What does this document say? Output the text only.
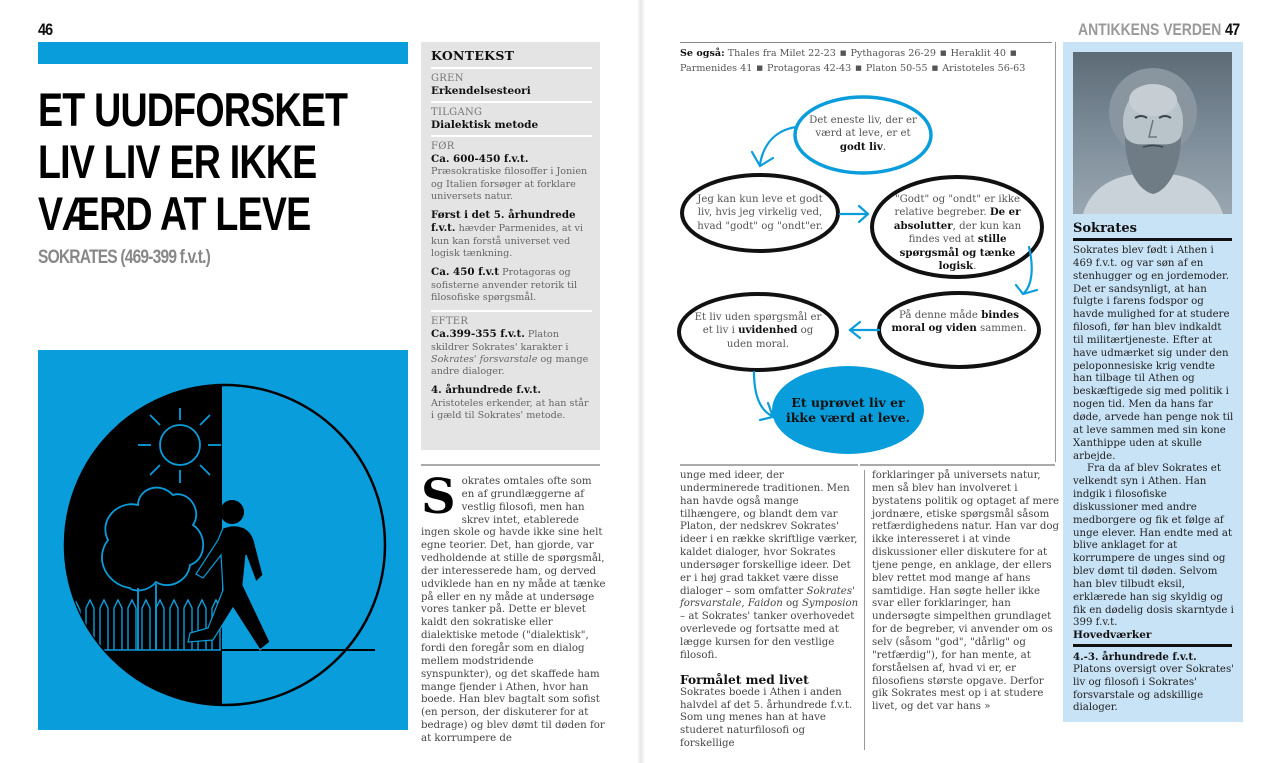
46
ET UUDFORSKET
LIV LIV ER IKKE
VÆRD AT LEVE
SOKRATES (469-399 f.v.t.)
KONTEKST
GREN
Erkendelsesteori
TILGANG
Dialektisk metode
FØR
Ca. 600-450 f.v.t.
Præsokratiske filosoffer i Jonien og Italien forsøger at forklare universets natur.
Først i det 5. århundrede f.v.t. hævder Parmenides, at vi kun kan forstå universet ved logisk tænkning.
Ca. 450 f.v.t Protagoras og sofisterne anvender retorik til filosofiske spørgsmål.
EFTER
Ca.399-355 f.v.t. Platon skildrer Sokrates' karakter i Sokrates' forsvarstale og mange andre dialoger.
4. århundrede f.v.t.
Aristoteles erkender, at han står i gæld til Sokrates' metode.
Sokrates omtales ofte som en af grundlæggerne af vestlig filosofi, men han skrev intet, etablerede ingen skole og havde ikke sine helt egne teorier. Det, han gjorde, var vedholdende at stille de spørgsmål, der interesserede ham, og derved udviklede han en ny måde at tænke på eller en ny måde at undersøge vores tanker på. Dette er blevet kaldt den sokratiske eller dialektiske metode ("dialektisk", fordi den foregår som en dialog mellem modstridende synspunkter), og det skaffede ham mange fjender i Athen, hvor han boede. Han blev bagtalt som sofist (en person, der diskuterer for at bedrage) og blev dømt til døden for at korrumpere de
ANTIKKENS VERDEN 47
Se også: Thales fra Milet 22-23 ■ Pythagoras 26-29 ■ Heraklit 40 ■
Parmenides 41 ■ Protagoras 42-43 ■ Platon 50-55 ■ Aristoteles 56-63
Det eneste liv, der er værd at leve, er et godt liv.
Jeg kan kun leve et godt liv, hvis jeg virkelig ved, hvad "godt" og "ondt"er.
"Godt" og "ondt" er ikke relative begreber. De er absolutter, der kun kan findes ved at stille spørgsmål og tænke logisk.
På denne måde bindes moral og viden sammen.
Et liv uden spørgsmål er et liv i uvidenhed og uden moral.
Et uprøvet liv er ikke værd at leve.
unge med ideer, der underminerede traditionen. Men han havde også mange tilhængere, og blandt dem var Platon, der nedskrev Sokrates' ideer i en række skriftlige værker, kaldet dialoger, hvor Sokrates undersøger forskellige ideer. Det er i høj grad takket være disse dialoger – som omfatter Sokrates' forsvarstale, Faidon og Symposion – at Sokrates' tanker overhovedet overlevede og fortsatte med at lægge kursen for den vestlige filosofi.
Formålet med livet
Sokrates boede i Athen i anden halvdel af det 5. århundrede f.v.t. Som ung menes han at have studeret naturfilosofi og forskellige
forklaringer på universets natur, men så blev han involveret i bystatens politik og optaget af mere jordnære, etiske spørgsmål såsom retfærdighedens natur. Han var dog ikke interesseret i at vinde diskussioner eller diskutere for at tjene penge, en anklage, der ellers blev rettet mod mange af hans samtidige. Han søgte heller ikke svar eller forklaringer, han undersøgte simpelthen grundlaget for de begreber, vi anvender om os selv (såsom "god", "dårlig" og "retfærdig"), for han mente, at forståelsen af, hvad vi er, er filosofiens største opgave. Derfor gik Sokrates mest op i at studere livet, og det var hans »
Sokrates

Sokrates blev født i Athen i 469 f.v.t. og var søn af en stenhugger og en jordemoder. Det er sandsynligt, at han fulgte i farens fodspor og havde mulighed for at studere filosofi, før han blev indkaldt til militærtjeneste. Efter at have udmærket sig under den peloponnesiske krig vendte han tilbage til Athen og beskæftigede sig med politik i nogen tid. Men da hans far døde, arvede han penge nok til at leve sammen med sin kone Xanthippe uden at skulle arbejde.

Fra da af blev Sokrates et velkendt syn i Athen. Han indgik i filosofiske diskussioner med andre medborgere og fik et følge af unge elever. Han endte med at blive anklaget for at korrumpere de unges sind og blev dømt til døden. Selvom han blev tilbudt eksil, erklærede han sig skyldig og fik en dødelig dosis skarntyde i 399 f.v.t.

Hovedværker
4.-3. århundrede f.v.t.
Platons oversigt over Sokrates' liv og filosofi i Sokrates' forsvarstale og adskillige dialoger.
